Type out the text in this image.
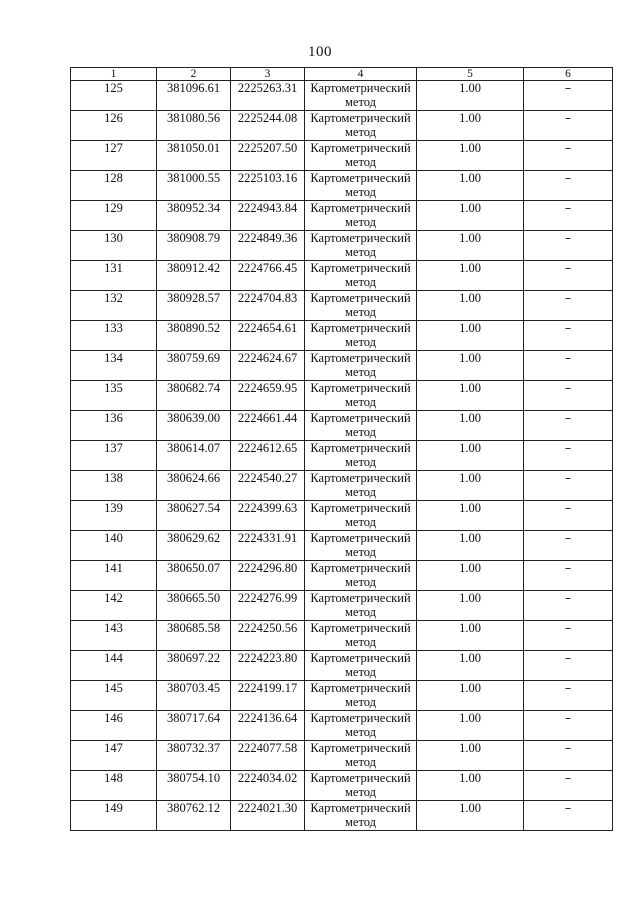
100
1	2	3	4	5	6
125	381096.61	2225263.31	Картометрический метод	1.00	–
126	381080.56	2225244.08	Картометрический метод	1.00	–
127	381050.01	2225207.50	Картометрический метод	1.00	–
128	381000.55	2225103.16	Картометрический метод	1.00	–
129	380952.34	2224943.84	Картометрический метод	1.00	–
130	380908.79	2224849.36	Картометрический метод	1.00	–
131	380912.42	2224766.45	Картометрический метод	1.00	–
132	380928.57	2224704.83	Картометрический метод	1.00	–
133	380890.52	2224654.61	Картометрический метод	1.00	–
134	380759.69	2224624.67	Картометрический метод	1.00	–
135	380682.74	2224659.95	Картометрический метод	1.00	–
136	380639.00	2224661.44	Картометрический метод	1.00	–
137	380614.07	2224612.65	Картометрический метод	1.00	–
138	380624.66	2224540.27	Картометрический метод	1.00	–
139	380627.54	2224399.63	Картометрический метод	1.00	–
140	380629.62	2224331.91	Картометрический метод	1.00	–
141	380650.07	2224296.80	Картометрический метод	1.00	–
142	380665.50	2224276.99	Картометрический метод	1.00	–
143	380685.58	2224250.56	Картометрический метод	1.00	–
144	380697.22	2224223.80	Картометрический метод	1.00	–
145	380703.45	2224199.17	Картометрический метод	1.00	–
146	380717.64	2224136.64	Картометрический метод	1.00	–
147	380732.37	2224077.58	Картометрический метод	1.00	–
148	380754.10	2224034.02	Картометрический метод	1.00	–
149	380762.12	2224021.30	Картометрический метод	1.00	–
